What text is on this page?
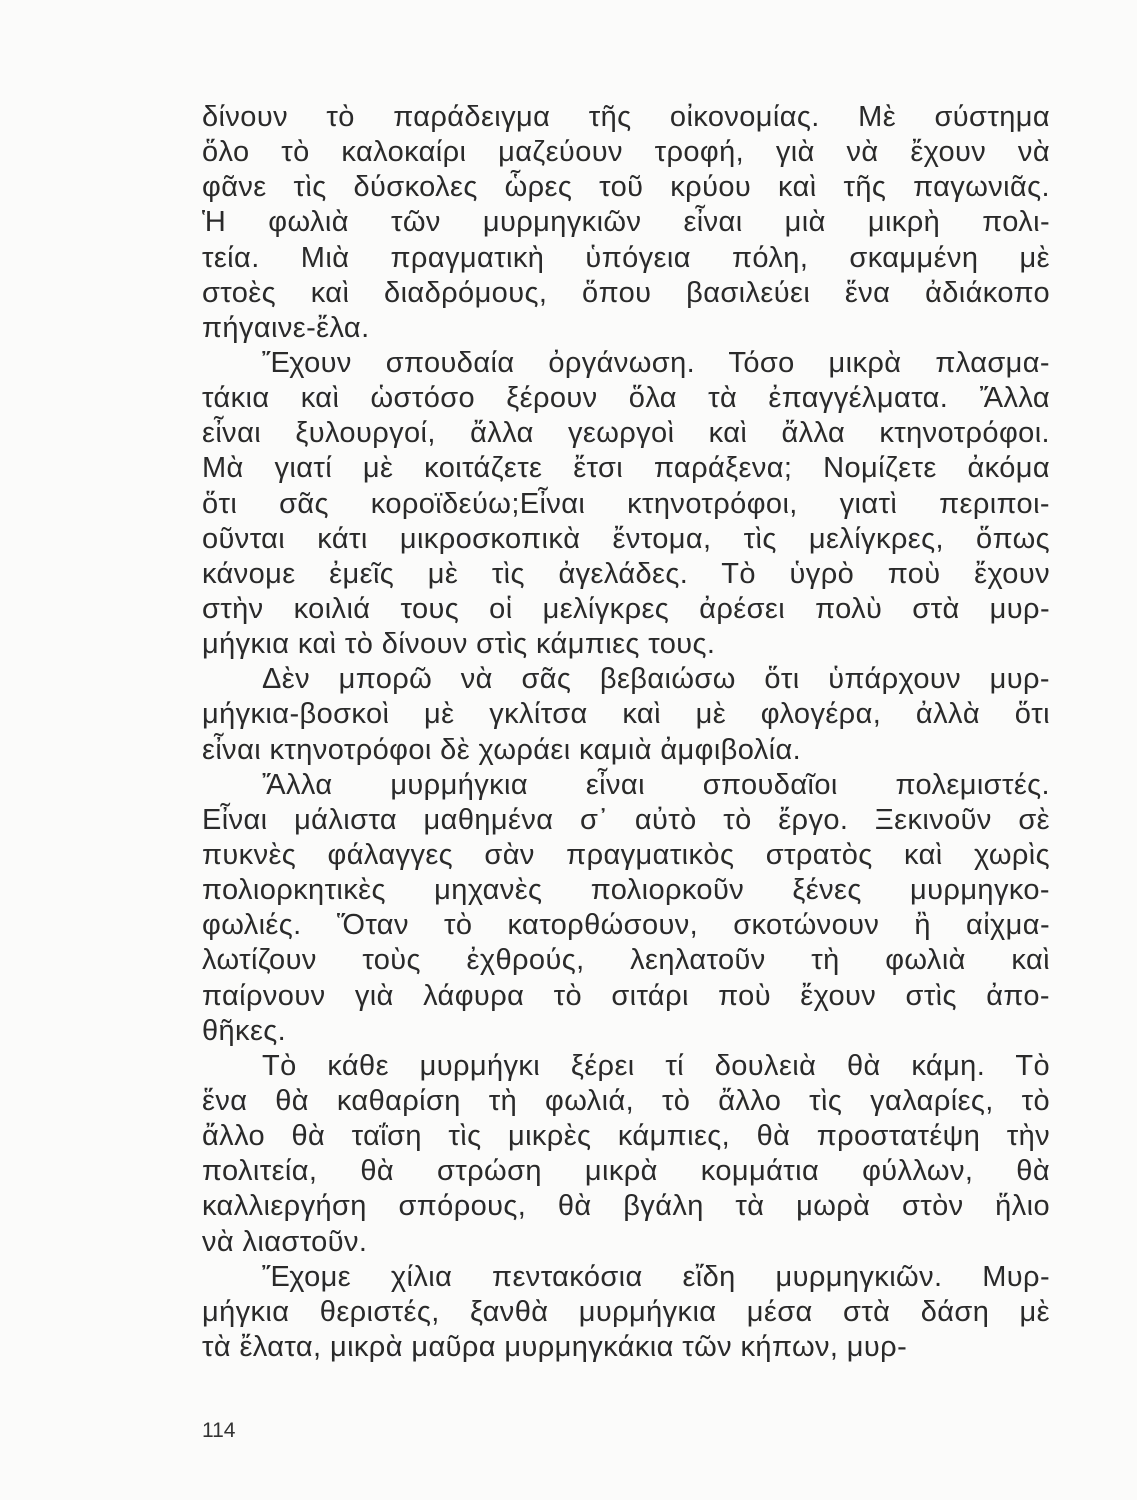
δίνουν τὸ παράδειγμα τῆς οἰκονομίας. Μὲ σύστημα
ὅλο τὸ καλοκαίρι μαζεύουν τροφή, γιὰ νὰ ἔχουν νὰ
φᾶνε τὶς δύσκολες ὧρες τοῦ κρύου καὶ τῆς παγωνιᾶς.
Ἡ φωλιὰ τῶν μυρμηγκιῶν εἶναι μιὰ μικρὴ πολι-
τεία. Μιὰ πραγματικὴ ὑπόγεια πόλη, σκαμμένη μὲ
στοὲς καὶ διαδρόμους, ὅπου βασιλεύει ἕνα ἀδιάκοπο
πήγαινε-ἔλα.
Ἔχουν σπουδαία ὀργάνωση. Τόσο μικρὰ πλασμα-
τάκια καὶ ὡστόσο ξέρουν ὅλα τὰ ἐπαγγέλματα. Ἄλλα
εἶναι ξυλουργοί, ἄλλα γεωργοὶ καὶ ἄλλα κτηνοτρόφοι.
Μὰ γιατί μὲ κοιτάζετε ἔτσι παράξενα; Νομίζετε ἀκόμα
ὅτι σᾶς κοροϊδεύω;Εἶναι κτηνοτρόφοι, γιατὶ περιποι-
οῦνται κάτι μικροσκοπικὰ ἔντομα, τὶς μελίγκρες, ὅπως
κάνομε ἐμεῖς μὲ τὶς ἀγελάδες. Τὸ ὑγρὸ ποὺ ἔχουν
στὴν κοιλιά τους οἱ μελίγκρες ἀρέσει πολὺ στὰ μυρ-
μήγκια καὶ τὸ δίνουν στὶς κάμπιες τους.
Δὲν μπορῶ νὰ σᾶς βεβαιώσω ὅτι ὑπάρχουν μυρ-
μήγκια-βοσκοὶ μὲ γκλίτσα καὶ μὲ φλογέρα, ἀλλὰ ὅτι
εἶναι κτηνοτρόφοι δὲ χωράει καμιὰ ἀμφιβολία.
Ἄλλα μυρμήγκια εἶναι σπουδαῖοι πολεμιστές.
Εἶναι μάλιστα μαθημένα σ᾽ αὐτὸ τὸ ἔργο. Ξεκινοῦν σὲ
πυκνὲς φάλαγγες σὰν πραγματικὸς στρατὸς καὶ χωρὶς
πολιορκητικὲς μηχανὲς πολιορκοῦν ξένες μυρμηγκο-
φωλιές. Ὅταν τὸ κατορθώσουν, σκοτώνουν ἢ αἰχμα-
λωτίζουν τοὺς ἐχθρούς, λεηλατοῦν τὴ φωλιὰ καὶ
παίρνουν γιὰ λάφυρα τὸ σιτάρι ποὺ ἔχουν στὶς ἀπο-
θῆκες.
Τὸ κάθε μυρμήγκι ξέρει τί δουλειὰ θὰ κάμη. Τὸ
ἕνα θὰ καθαρίση τὴ φωλιά, τὸ ἄλλο τὶς γαλαρίες, τὸ
ἄλλο θὰ ταΐση τὶς μικρὲς κάμπιες, θὰ προστατέψη τὴν
πολιτεία, θὰ στρώση μικρὰ κομμάτια φύλλων, θὰ
καλλιεργήση σπόρους, θὰ βγάλη τὰ μωρὰ στὸν ἥλιο
νὰ λιαστοῦν.
Ἔχομε χίλια πεντακόσια εἴδη μυρμηγκιῶν. Μυρ-
μήγκια θεριστές, ξανθὰ μυρμήγκια μέσα στὰ δάση μὲ
τὰ ἔλατα, μικρὰ μαῦρα μυρμηγκάκια τῶν κήπων, μυρ-
114
